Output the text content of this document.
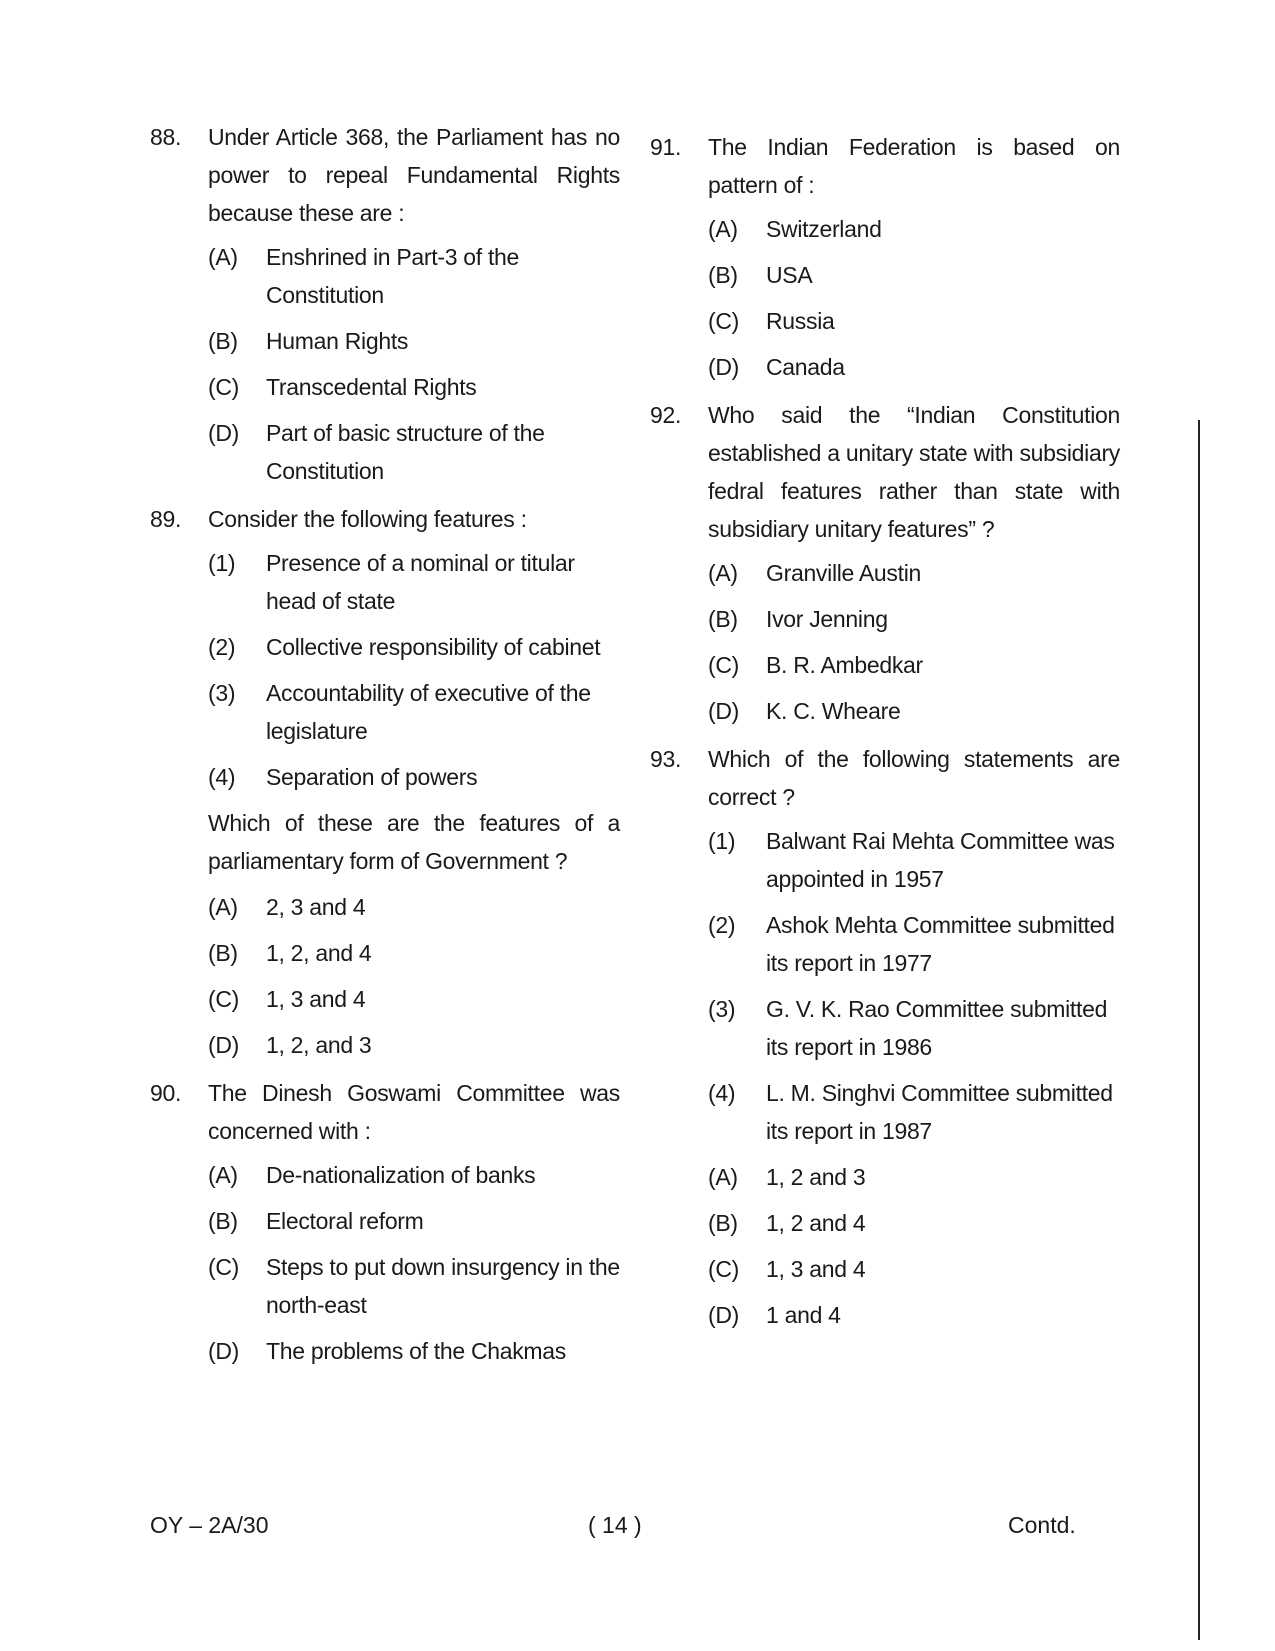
88. Under Article 368, the Parliament has no power to repeal Fundamental Rights because these are :
(A) Enshrined in Part-3 of the Constitution
(B) Human Rights
(C) Transcedental Rights
(D) Part of basic structure of the Constitution
89. Consider the following features :
(1) Presence of a nominal or titular head of state
(2) Collective responsibility of cabinet
(3) Accountability of executive of the legislature
(4) Separation of powers
Which of these are the features of a parliamentary form of Government ?
(A) 2, 3 and 4
(B) 1, 2, and 4
(C) 1, 3 and 4
(D) 1, 2, and 3
90. The Dinesh Goswami Committee was concerned with :
(A) De-nationalization of banks
(B) Electoral reform
(C) Steps to put down insurgency in the north-east
(D) The problems of the Chakmas
91. The Indian Federation is based on pattern of :
(A) Switzerland
(B) USA
(C) Russia
(D) Canada
92. Who said the “Indian Constitution established a unitary state with subsidiary fedral features rather than state with subsidiary unitary features” ?
(A) Granville Austin
(B) Ivor Jenning
(C) B. R. Ambedkar
(D) K. C. Wheare
93. Which of the following statements are correct ?
(1) Balwant Rai Mehta Committee was appointed in 1957
(2) Ashok Mehta Committee submitted its report in 1977
(3) G. V. K. Rao Committee submitted its report in 1986
(4) L. M. Singhvi Committee submitted its report in 1987
(A) 1, 2 and 3
(B) 1, 2 and 4
(C) 1, 3 and 4
(D) 1 and 4
OY – 2A/30	( 14 )	Contd.
